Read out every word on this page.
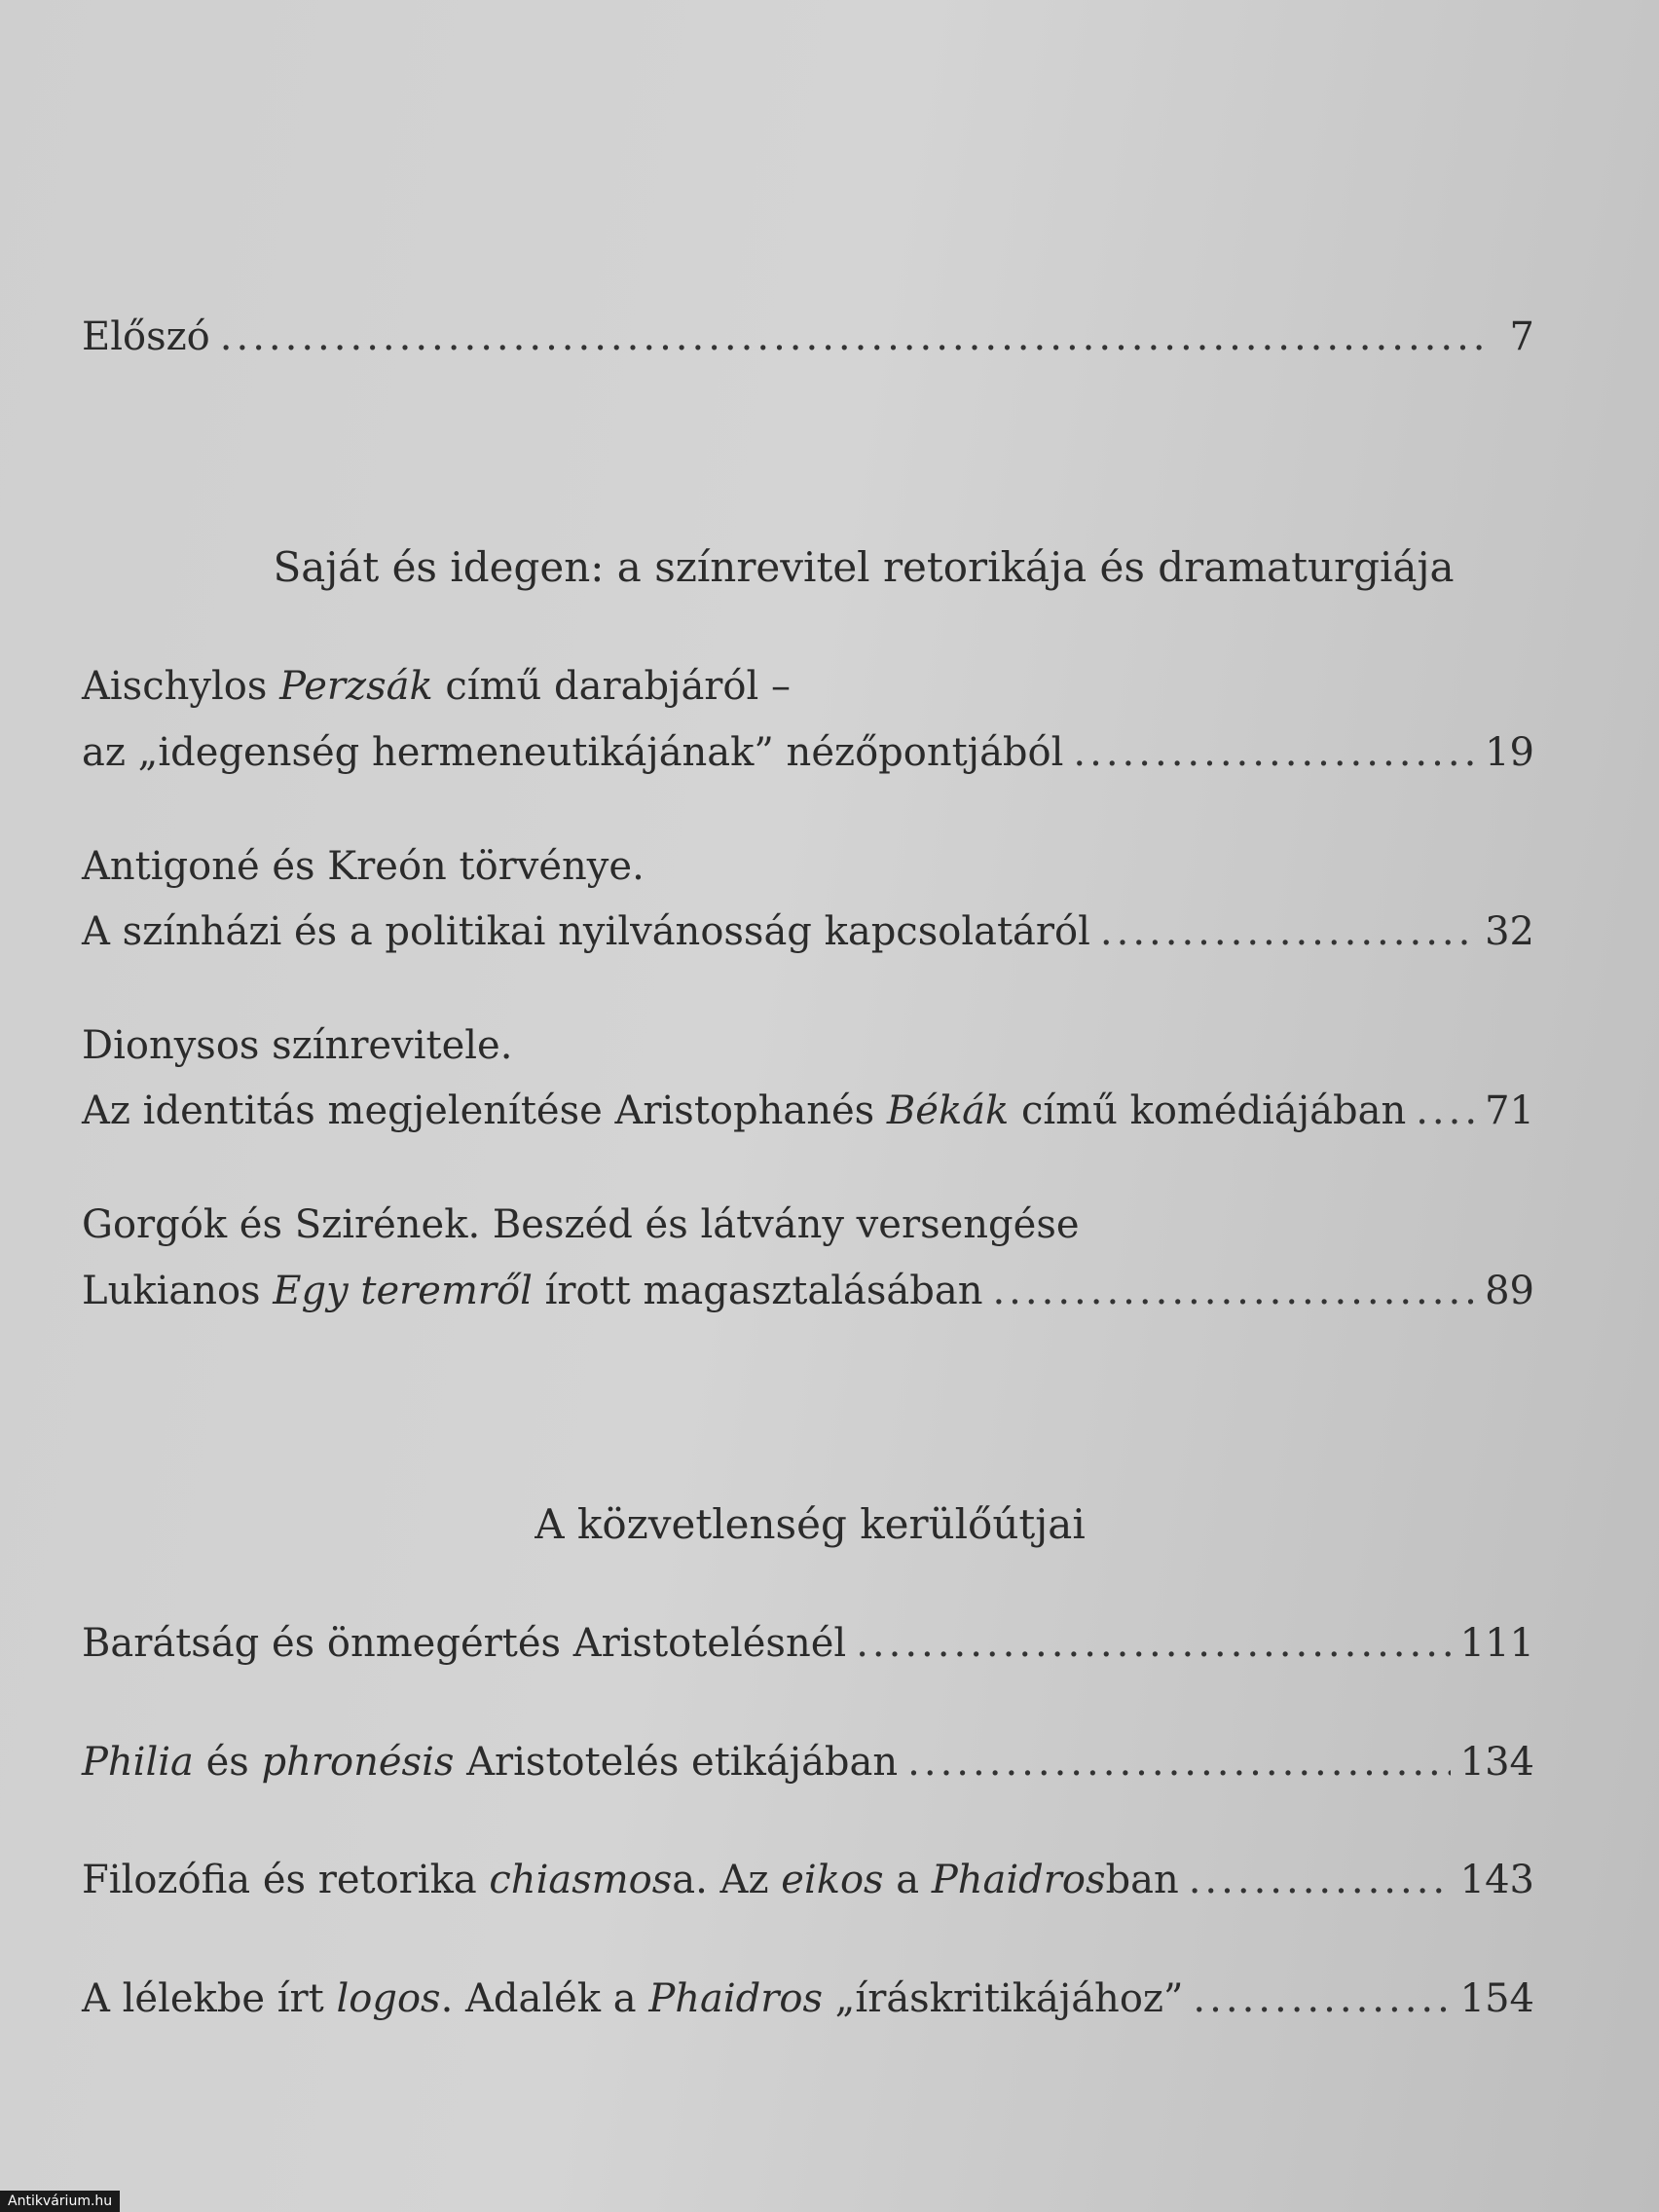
Előszó .....	7
Saját és idegen: a színrevitel retorikája és dramaturgiája
Aischylos Perzsák című darabjáról –
az „idegenség hermeneutikájának” nézőpontjából .....	19
Antigoné és Kreón törvénye.
A színházi és a politikai nyilvánosság kapcsolatáról .....	32
Dionysos színrevitele.
Az identitás megjelenítése Aristophanés Békák című komédiájában ..... 71
Gorgók és Szirének. Beszéd és látvány versengése
Lukianos Egy teremről írott magasztalásában .....	89
A közvetlenség kerülőútjai
Barátság és önmegértés Aristotelésnél .....	111
Philia és phronésis Aristotelés etikájában .....	134
Filozófia és retorika chiasmosa. Az eikos a Phaidrosban .....	143
A lélekbe írt logos. Adalék a Phaidros „íráskritikájához” .....	154
Antikvárium.hu
